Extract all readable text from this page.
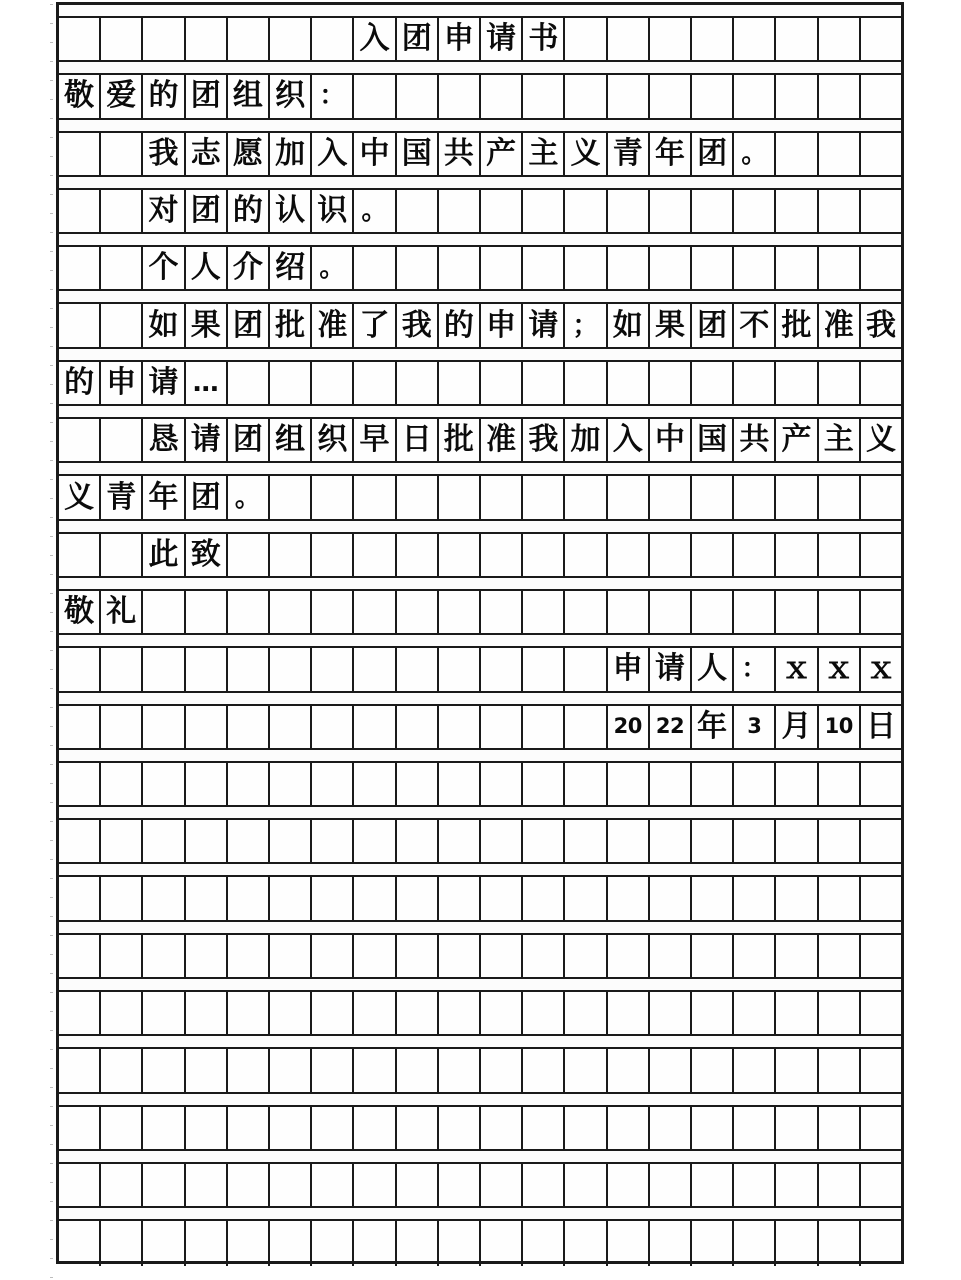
入 团 申 请 书
敬 爱 的 团 组 织 ：
我 志 愿 加 入 中 国 共 产 主 义 青 年 团 。
对 团 的 认 识 。
个 人 介 绍 。
如 果 团 批 准 了 我 的 申 请 ； 如 果 团 不 批 准 我
的 申 请 …
恳 请 团 组 织 早 日 批 准 我 加 入 中 国 共 产 主 义
义 青 年 团 。
此 致
敬 礼
申 请 人 ： ｘ ｘ ｘ
20 22 年 3 月 10 日
